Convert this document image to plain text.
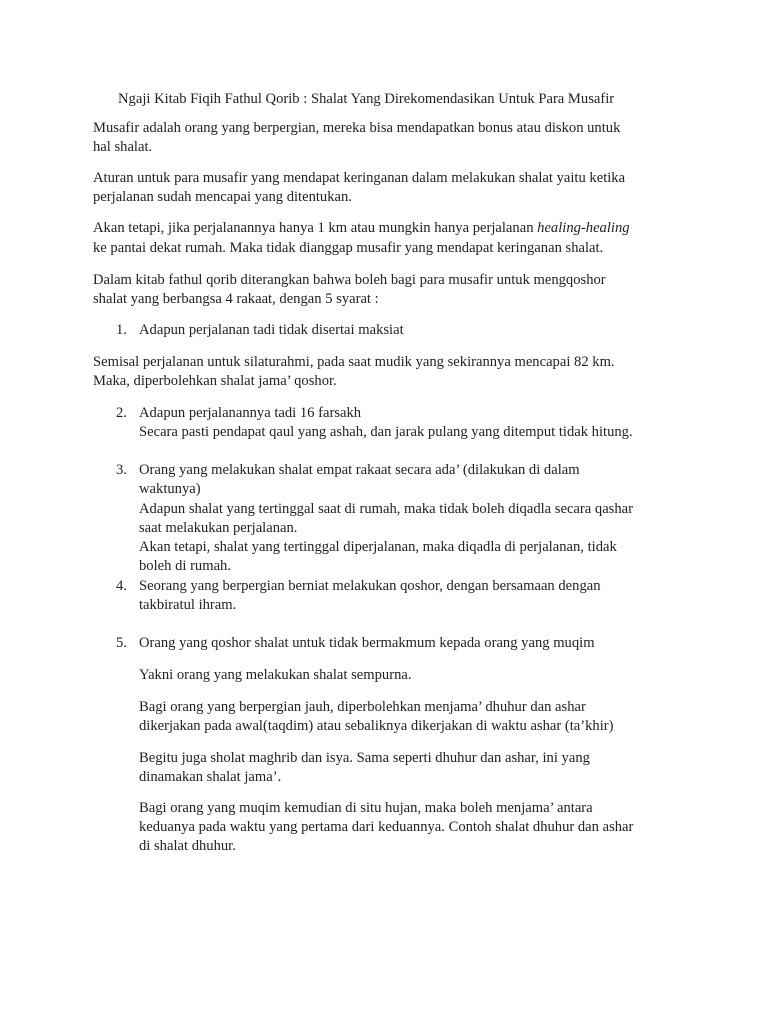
Ngaji Kitab Fiqih Fathul Qorib : Shalat Yang Direkomendasikan Untuk Para Musafir
Musafir adalah orang yang berpergian, mereka bisa mendapatkan bonus atau diskon untuk
hal shalat.
Aturan untuk para musafir yang mendapat keringanan dalam melakukan shalat yaitu ketika
perjalanan sudah mencapai yang ditentukan.
Akan tetapi, jika perjalanannya hanya 1 km atau mungkin hanya perjalanan healing-healing
ke pantai dekat rumah. Maka tidak dianggap musafir yang mendapat keringanan shalat.
Dalam kitab fathul qorib diterangkan bahwa boleh bagi para musafir untuk mengqoshor
shalat yang berbangsa 4 rakaat, dengan 5 syarat :
1. Adapun perjalanan tadi tidak disertai maksiat
Semisal perjalanan untuk silaturahmi, pada saat mudik yang sekirannya mencapai 82 km.
Maka, diperbolehkan shalat jama’ qoshor.
2. Adapun perjalanannya tadi 16 farsakh
Secara pasti pendapat qaul yang ashah, dan jarak pulang yang ditemput tidak hitung.
3. Orang yang melakukan shalat empat rakaat secara ada’ (dilakukan di dalam
waktunya)
Adapun shalat yang tertinggal saat di rumah, maka tidak boleh diqadla secara qashar
saat melakukan perjalanan.
Akan tetapi, shalat yang tertinggal diperjalanan, maka diqadla di perjalanan, tidak
boleh di rumah.
4. Seorang yang berpergian berniat melakukan qoshor, dengan bersamaan dengan
takbiratul ihram.
5. Orang yang qoshor shalat untuk tidak bermakmum kepada orang yang muqim
Yakni orang yang melakukan shalat sempurna.
Bagi orang yang berpergian jauh, diperbolehkan menjama’ dhuhur dan ashar
dikerjakan pada awal(taqdim) atau sebaliknya dikerjakan di waktu ashar (ta’khir)
Begitu juga sholat maghrib dan isya. Sama seperti dhuhur dan ashar, ini yang
dinamakan shalat jama’.
Bagi orang yang muqim kemudian di situ hujan, maka boleh menjama’ antara
keduanya pada waktu yang pertama dari keduannya. Contoh shalat dhuhur dan ashar
di shalat dhuhur.
